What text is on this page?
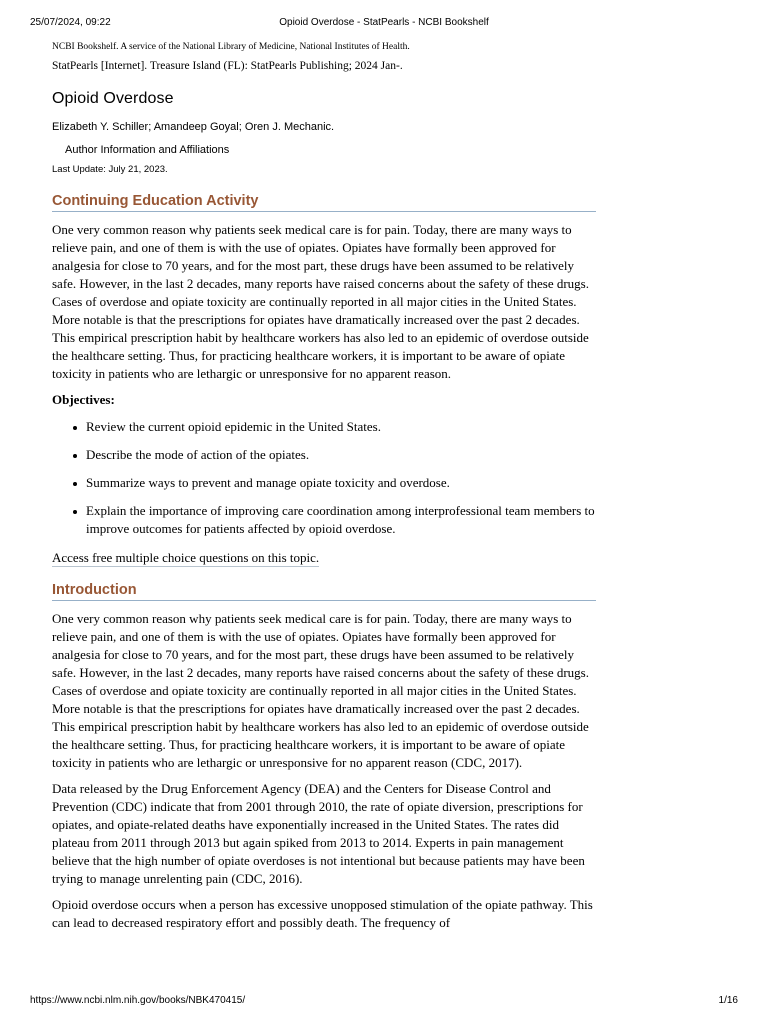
25/07/2024, 09:22	Opioid Overdose - StatPearls - NCBI Bookshelf

NCBI Bookshelf. A service of the National Library of Medicine, National Institutes of Health.

StatPearls [Internet]. Treasure Island (FL): StatPearls Publishing; 2024 Jan-.

Opioid Overdose
Elizabeth Y. Schiller; Amandeep Goyal; Oren J. Mechanic.
Author Information and Affiliations
Last Update: July 21, 2023.
Continuing Education Activity

One very common reason why patients seek medical care is for pain. Today, there are many ways to relieve pain, and one of them is with the use of opiates. Opiates have formally been approved for analgesia for close to 70 years, and for the most part, these drugs have been assumed to be relatively safe. However, in the last 2 decades, many reports have raised concerns about the safety of these drugs. Cases of overdose and opiate toxicity are continually reported in all major cities in the United States. More notable is that the prescriptions for opiates have dramatically increased over the past 2 decades. This empirical prescription habit by healthcare workers has also led to an epidemic of overdose outside the healthcare setting. Thus, for practicing healthcare workers, it is important to be aware of opiate toxicity in patients who are lethargic or unresponsive for no apparent reason.

Objectives:

Review the current opioid epidemic in the United States.
Describe the mode of action of the opiates.
Summarize ways to prevent and manage opiate toxicity and overdose.
Explain the importance of improving care coordination among interprofessional team members to improve outcomes for patients affected by opioid overdose.
Access free multiple choice questions on this topic.
Introduction

One very common reason why patients seek medical care is for pain. Today, there are many ways to relieve pain, and one of them is with the use of opiates. Opiates have formally been approved for analgesia for close to 70 years, and for the most part, these drugs have been assumed to be relatively safe. However, in the last 2 decades, many reports have raised concerns about the safety of these drugs. Cases of overdose and opiate toxicity are continually reported in all major cities in the United States. More notable is that the prescriptions for opiates have dramatically increased over the past 2 decades. This empirical prescription habit by healthcare workers has also led to an epidemic of overdose outside the healthcare setting. Thus, for practicing healthcare workers, it is important to be aware of opiate toxicity in patients who are lethargic or unresponsive for no apparent reason (CDC, 2017).

Data released by the Drug Enforcement Agency (DEA) and the Centers for Disease Control and Prevention (CDC) indicate that from 2001 through 2010, the rate of opiate diversion, prescriptions for opiates, and opiate-related deaths have exponentially increased in the United States. The rates did plateau from 2011 through 2013 but again spiked from 2013 to 2014. Experts in pain management believe that the high number of opiate overdoses is not intentional but because patients may have been trying to manage unrelenting pain (CDC, 2016).

Opioid overdose occurs when a person has excessive unopposed stimulation of the opiate pathway. This can lead to decreased respiratory effort and possibly death. The frequency of

https://www.ncbi.nlm.nih.gov/books/NBK470415/	1/16
